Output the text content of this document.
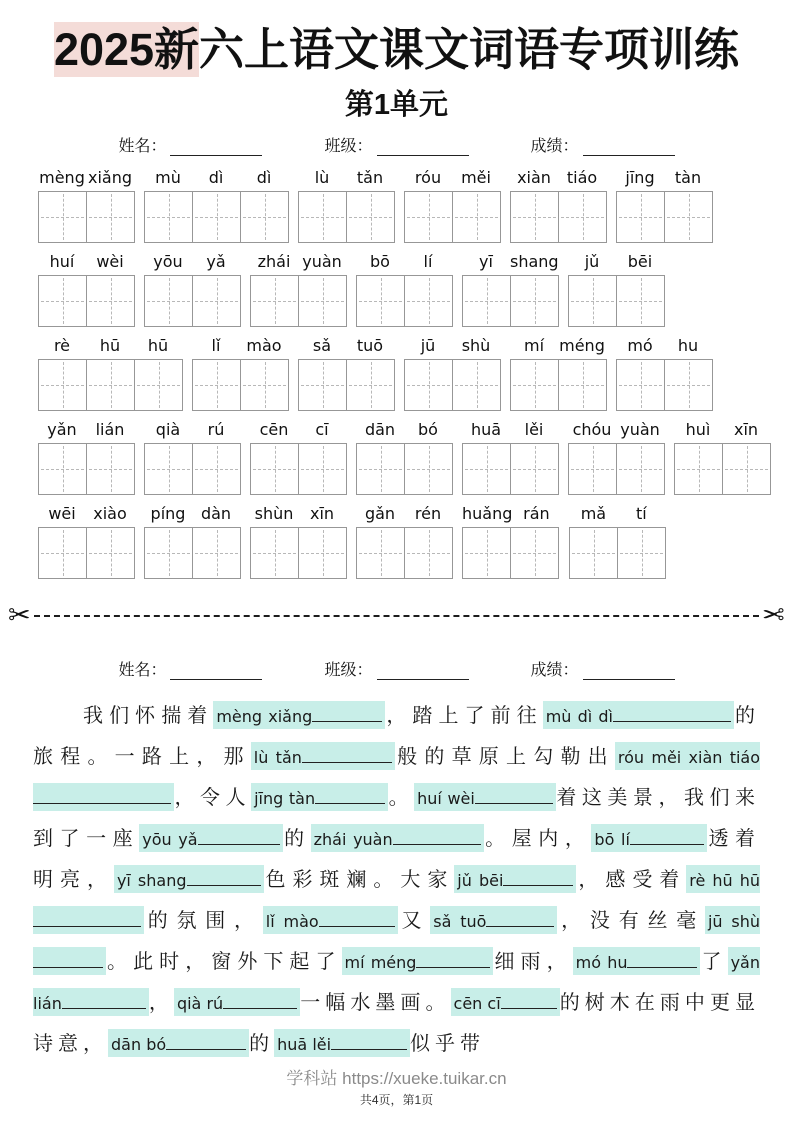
2025新六上语文课文词语专项训练
第1单元
姓名：	班级：	成绩：
mèng xiǎng	mù	dì	dì	lù	tǎn	róu	měi	xiàn tiáo	jīng	tàn
huí	wèi	yōu	yǎ	zhái yuàn	bō	lí	yī	shang	jǔ	bēi
rè	hū	hū	lǐ	mào	sǎ	tuō	jū	shù	mí méng	mó	hu
yǎn	lián	qià	rú	cēn	cī	dān	bó	huā	lěi	chóu yuàn	huì	xīn
wēi	xiào	píng dàn	shùn	xīn	gǎn	rén	huǎng rán	mǎ	tí
✂	✂
姓名：	班级：	成绩：
我们怀揣着 mèng xiǎng	，踏上了前往 mù dì dì	的旅程。一路上，那 lù tǎn	般的草原上勾勒出 róu měi xiàn tiáo，令人 jīng tàn	。 huí wèi	着这美景，我们来到了一座 yōu yǎ	的 zhái yuàn	。屋内， bō lí	透着明亮， yī shang	色彩斑斓。大家 jǔ bēi	，感受着 rè hū hū的氛围， lǐ mào	又 sǎ tuō	，没有丝毫 jū shù。此时，窗外下起了 mí méng	细雨， mó hu	了 yǎn lián	， qià rú	一幅水墨画。 cēn cī	的树木在雨中更显诗意， dān bó	的 huā lěi	似乎带
学科站 https://xueke.tuikar.cn
共4页，第1页
